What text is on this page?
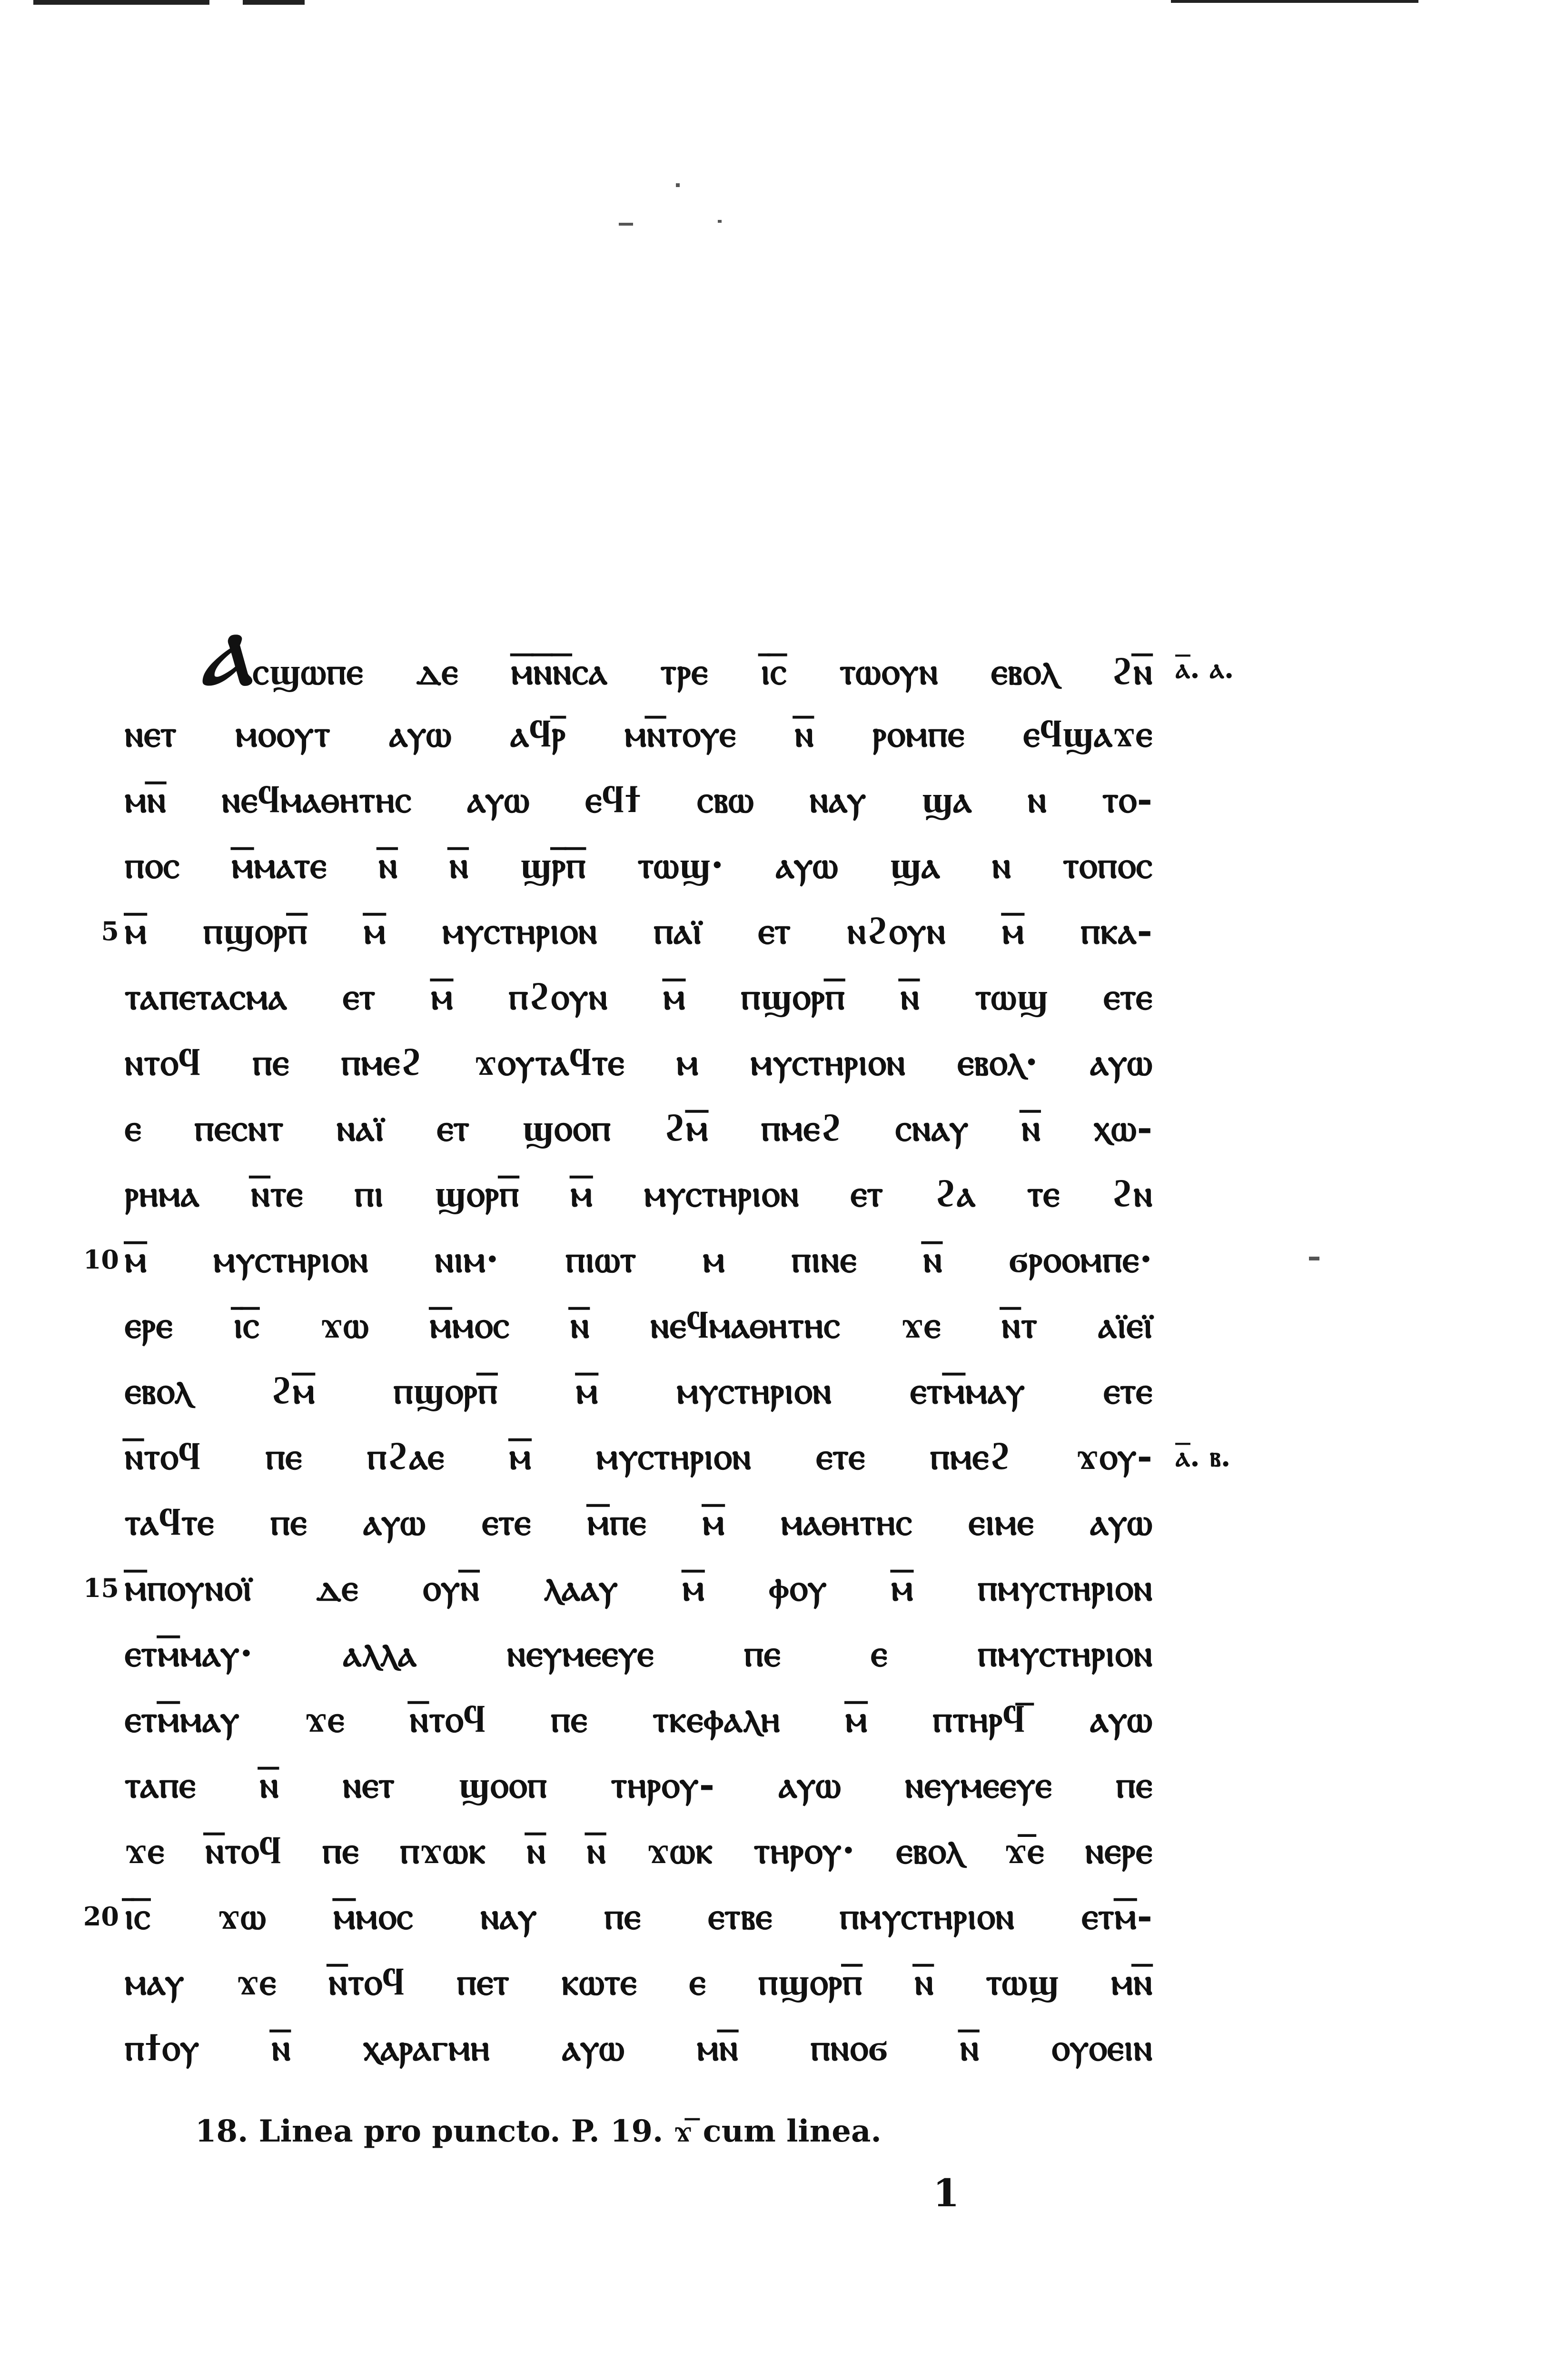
Ⲁⲥϣⲱⲡⲉ ⲇⲉ ⲙ̅ⲛ̅ⲛ̅ⲥⲁ ⲧⲣⲉ ⲓ̅ⲥ̅ ⲧⲱⲟⲩⲛ ⲉⲃⲟⲗ ϩⲛ̅
ⲛⲉⲧ ⲙⲟⲟⲩⲧ ⲁⲩⲱ ⲁϥⲣ̅ ⲙⲛ̅ⲧⲟⲩⲉ ⲛ̅ ⲣⲟⲙⲡⲉ ⲉϥϣⲁϫⲉ
ⲙⲛ̅ ⲛⲉϥⲙⲁⲑⲏⲧⲏⲥ ⲁⲩⲱ ⲉϥϯ ⲥⲃⲱ ⲛⲁⲩ ϣⲁ ⲛ ⲧⲟ-
ⲡⲟⲥ ⲙ̅ⲙⲁⲧⲉ ⲛ̅ ⲛ̅ ϣⲣ̅ⲡ̅ ⲧⲱϣ· ⲁⲩⲱ ϣⲁ ⲛ ⲧⲟⲡⲟⲥ
ⲙ̅ ⲡϣⲟⲣⲡ̅ ⲙ̅ ⲙⲩⲥⲧⲏⲣⲓⲟⲛ ⲡⲁⲓ̈ ⲉⲧ ⲛϩⲟⲩⲛ ⲙ̅ ⲡⲕⲁ-
ⲧⲁⲡⲉⲧⲁⲥⲙⲁ ⲉⲧ ⲙ̅ ⲡϩⲟⲩⲛ ⲙ̅ ⲡϣⲟⲣⲡ̅ ⲛ̅ ⲧⲱϣ ⲉⲧⲉ
ⲛⲧⲟϥ ⲡⲉ ⲡⲙⲉϩ ϫⲟⲩⲧⲁϥⲧⲉ ⲙ ⲙⲩⲥⲧⲏⲣⲓⲟⲛ ⲉⲃⲟⲗ· ⲁⲩⲱ
ⲉ ⲡⲉⲥⲛⲧ ⲛⲁⲓ̈ ⲉⲧ ϣⲟⲟⲡ ϩⲙ̅ ⲡⲙⲉϩ ⲥⲛⲁⲩ ⲛ̅ ⲭⲱ-
ⲣⲏⲙⲁ ⲛ̅ⲧⲉ ⲡⲓ ϣⲟⲣⲡ̅ ⲙ̅ ⲙⲩⲥⲧⲏⲣⲓⲟⲛ ⲉⲧ ϩⲁ ⲧⲉ ϩⲛ
ⲙ̅ ⲙⲩⲥⲧⲏⲣⲓⲟⲛ ⲛⲓⲙ· ⲡⲓⲱⲧ ⲙ ⲡⲓⲛⲉ ⲛ̅ ϭⲣⲟⲟⲙⲡⲉ·
ⲉⲣⲉ ⲓ̅ⲥ̅ ϫⲱ ⲙ̅ⲙⲟⲥ ⲛ̅ ⲛⲉϥⲙⲁⲑⲏⲧⲏⲥ ϫⲉ ⲛ̅ⲧ ⲁⲓ̈ⲉⲓ̈
ⲉⲃⲟⲗ ϩⲙ̅ ⲡϣⲟⲣⲡ̅ ⲙ̅ ⲙⲩⲥⲧⲏⲣⲓⲟⲛ ⲉⲧⲙ̅ⲙⲁⲩ ⲉⲧⲉ
ⲛ̅ⲧⲟϥ ⲡⲉ ⲡϩⲁⲉ ⲙ̅ ⲙⲩⲥⲧⲏⲣⲓⲟⲛ ⲉⲧⲉ ⲡⲙⲉϩ ϫⲟⲩ-
ⲧⲁϥⲧⲉ ⲡⲉ ⲁⲩⲱ ⲉⲧⲉ ⲙ̅ⲡⲉ ⲙ̅ ⲙⲁⲑⲏⲧⲏⲥ ⲉⲓⲙⲉ ⲁⲩⲱ
ⲙ̅ⲡⲟⲩⲛⲟⲓ̈ ⲇⲉ ⲟⲩⲛ̅ ⲗⲁⲁⲩ ⲙ̅ ⲫⲟⲩ ⲙ̅ ⲡⲙⲩⲥⲧⲏⲣⲓⲟⲛ
ⲉⲧⲙ̅ⲙⲁⲩ· ⲁⲗⲗⲁ ⲛⲉⲩⲙⲉⲉⲩⲉ ⲡⲉ ⲉ ⲡⲙⲩⲥⲧⲏⲣⲓⲟⲛ
ⲉⲧⲙ̅ⲙⲁⲩ ϫⲉ ⲛ̅ⲧⲟϥ ⲡⲉ ⲧⲕⲉⲫⲁⲗⲏ ⲙ̅ ⲡⲧⲏⲣϥ̅ ⲁⲩⲱ
ⲧⲁⲡⲉ ⲛ̅ ⲛⲉⲧ ϣⲟⲟⲡ ⲧⲏⲣⲟⲩ- ⲁⲩⲱ ⲛⲉⲩⲙⲉⲉⲩⲉ ⲡⲉ
ϫⲉ ⲛ̅ⲧⲟϥ ⲡⲉ ⲡϫⲱⲕ ⲛ̅ ⲛ̅ ϫⲱⲕ ⲧⲏⲣⲟⲩ· ⲉⲃⲟⲗ ϫ̅ⲉ ⲛⲉⲣⲉ
ⲓ̅ⲥ̅ ϫⲱ ⲙ̅ⲙⲟⲥ ⲛⲁⲩ ⲡⲉ ⲉⲧⲃⲉ ⲡⲙⲩⲥⲧⲏⲣⲓⲟⲛ ⲉⲧⲙ̅-
ⲙⲁⲩ ϫⲉ ⲛ̅ⲧⲟϥ ⲡⲉⲧ ⲕⲱⲧⲉ ⲉ ⲡϣⲟⲣⲡ̅ ⲛ̅ ⲧⲱϣ ⲙⲛ̅
ⲡϯⲟⲩ ⲛ̅ ⲭⲁⲣⲁⲅⲙⲏ ⲁⲩⲱ ⲙⲛ̅ ⲡⲛⲟϭ ⲛ̅ ⲟⲩⲟⲉⲓⲛ
5
10
15
20
ⲁ̅. ⲁ.
ⲁ̅. ⲃ.
18. Linea pro puncto. P. 19. ϫ̅ cum linea.
1
